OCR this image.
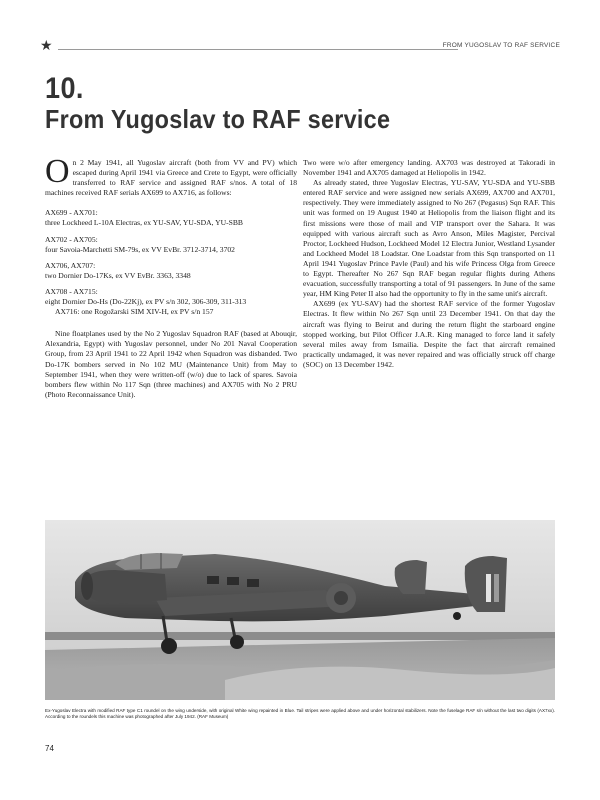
★	FROM YUGOSLAV TO RAF SERVICE
10.
From Yugoslav to RAF service

On 2 May 1941, all Yugoslav aircraft (both from VV and PV) which escaped during April 1941 via Greece and Crete to Egypt, were officially transferred to RAF service and assigned RAF s/nos. A total of 18 machines received RAF serials AX699 to AX716, as follows:

AX699 - AX701:
three Lockheed L-10A Electras, ex YU-SAV, YU-SDA, YU-SBB
AX702 - AX705:
four Savoia-Marchetti SM-79s, ex VV EvBr. 3712-3714, 3702
AX706, AX707:
two Dornier Do-17Ks, ex VV EvBr. 3363, 3348
AX708 - AX715:
eight Dornier Do-Hs (Do-22Kj), ex PV s/n 302, 306-309, 311-313
AX716: one Rogožarski SIM XIV-H, ex PV s/n 157

Nine floatplanes used by the No 2 Yugoslav Squadron RAF (based at Abouqir, Alexandria, Egypt) with Yugoslav personnel, under No 201 Naval Cooperation Group, from 23 April 1941 to 22 April 1942 when Squadron was disbanded. Two Do-17K bombers served in No 102 MU (Maintenance Unit) from May to September 1941, when they were written-off (w/o) due to lack of spares. Savoia bombers flew within No 117 Sqn (three machines) and AX705 with No 2 PRU (Photo Reconnaissance Unit).

Two were w/o after emergency landing. AX703 was destroyed at Takoradi in November 1941 and AX705 damaged at Heliopolis in 1942.

As already stated, three Yugoslav Electras, YU-SAV, YU-SDA and YU-SBB entered RAF service and were assigned new serials AX699, AX700 and AX701, respectively. They were immediately assigned to No 267 (Pegasus) Sqn RAF. This unit was formed on 19 August 1940 at Heliopolis from the liaison flight and its first missions were those of mail and VIP transport over the Sahara. It was equipped with various aircraft such as Avro Anson, Miles Magister, Percival Proctor, Lockheed Hudson, Lockheed Model 12 Electra Junior, Westland Lysander and Lockheed Model 18 Loadstar. One Loadstar from this Sqn transported on 11 April 1941 Yugoslav Prince Pavle (Paul) and his wife Princess Olga from Greece to Egypt. Thereafter No 267 Sqn RAF began regular flights during Athens evacuation, successfully transporting a total of 91 passengers. In June of the same year, HM King Peter II also had the opportunity to fly in the same unit's aircraft.

AX699 (ex YU-SAV) had the shortest RAF service of the former Yugoslav Electras. It flew within No 267 Sqn until 23 December 1941. On that day the aircraft was flying to Beirut and during the return flight the starboard engine stopped working, but Pilot Officer J.A.R. King managed to force land it safely several miles away from Ismailia. Despite the fact that aircraft remained practically undamaged, it was never repaired and was officially struck off charge (SOC) on 13 December 1942.

Ex-Yugoslav Electra with modified RAF type C1 roundel on the wing underside, with original White wing repainted in Blue. Tail stripes were applied above and under horizontal stabilizers. Note the fuselage RAF s/n without the last two digits (AX7xx). According to the roundels this machine was photographed after July 1942. (RAF Museum)
74
